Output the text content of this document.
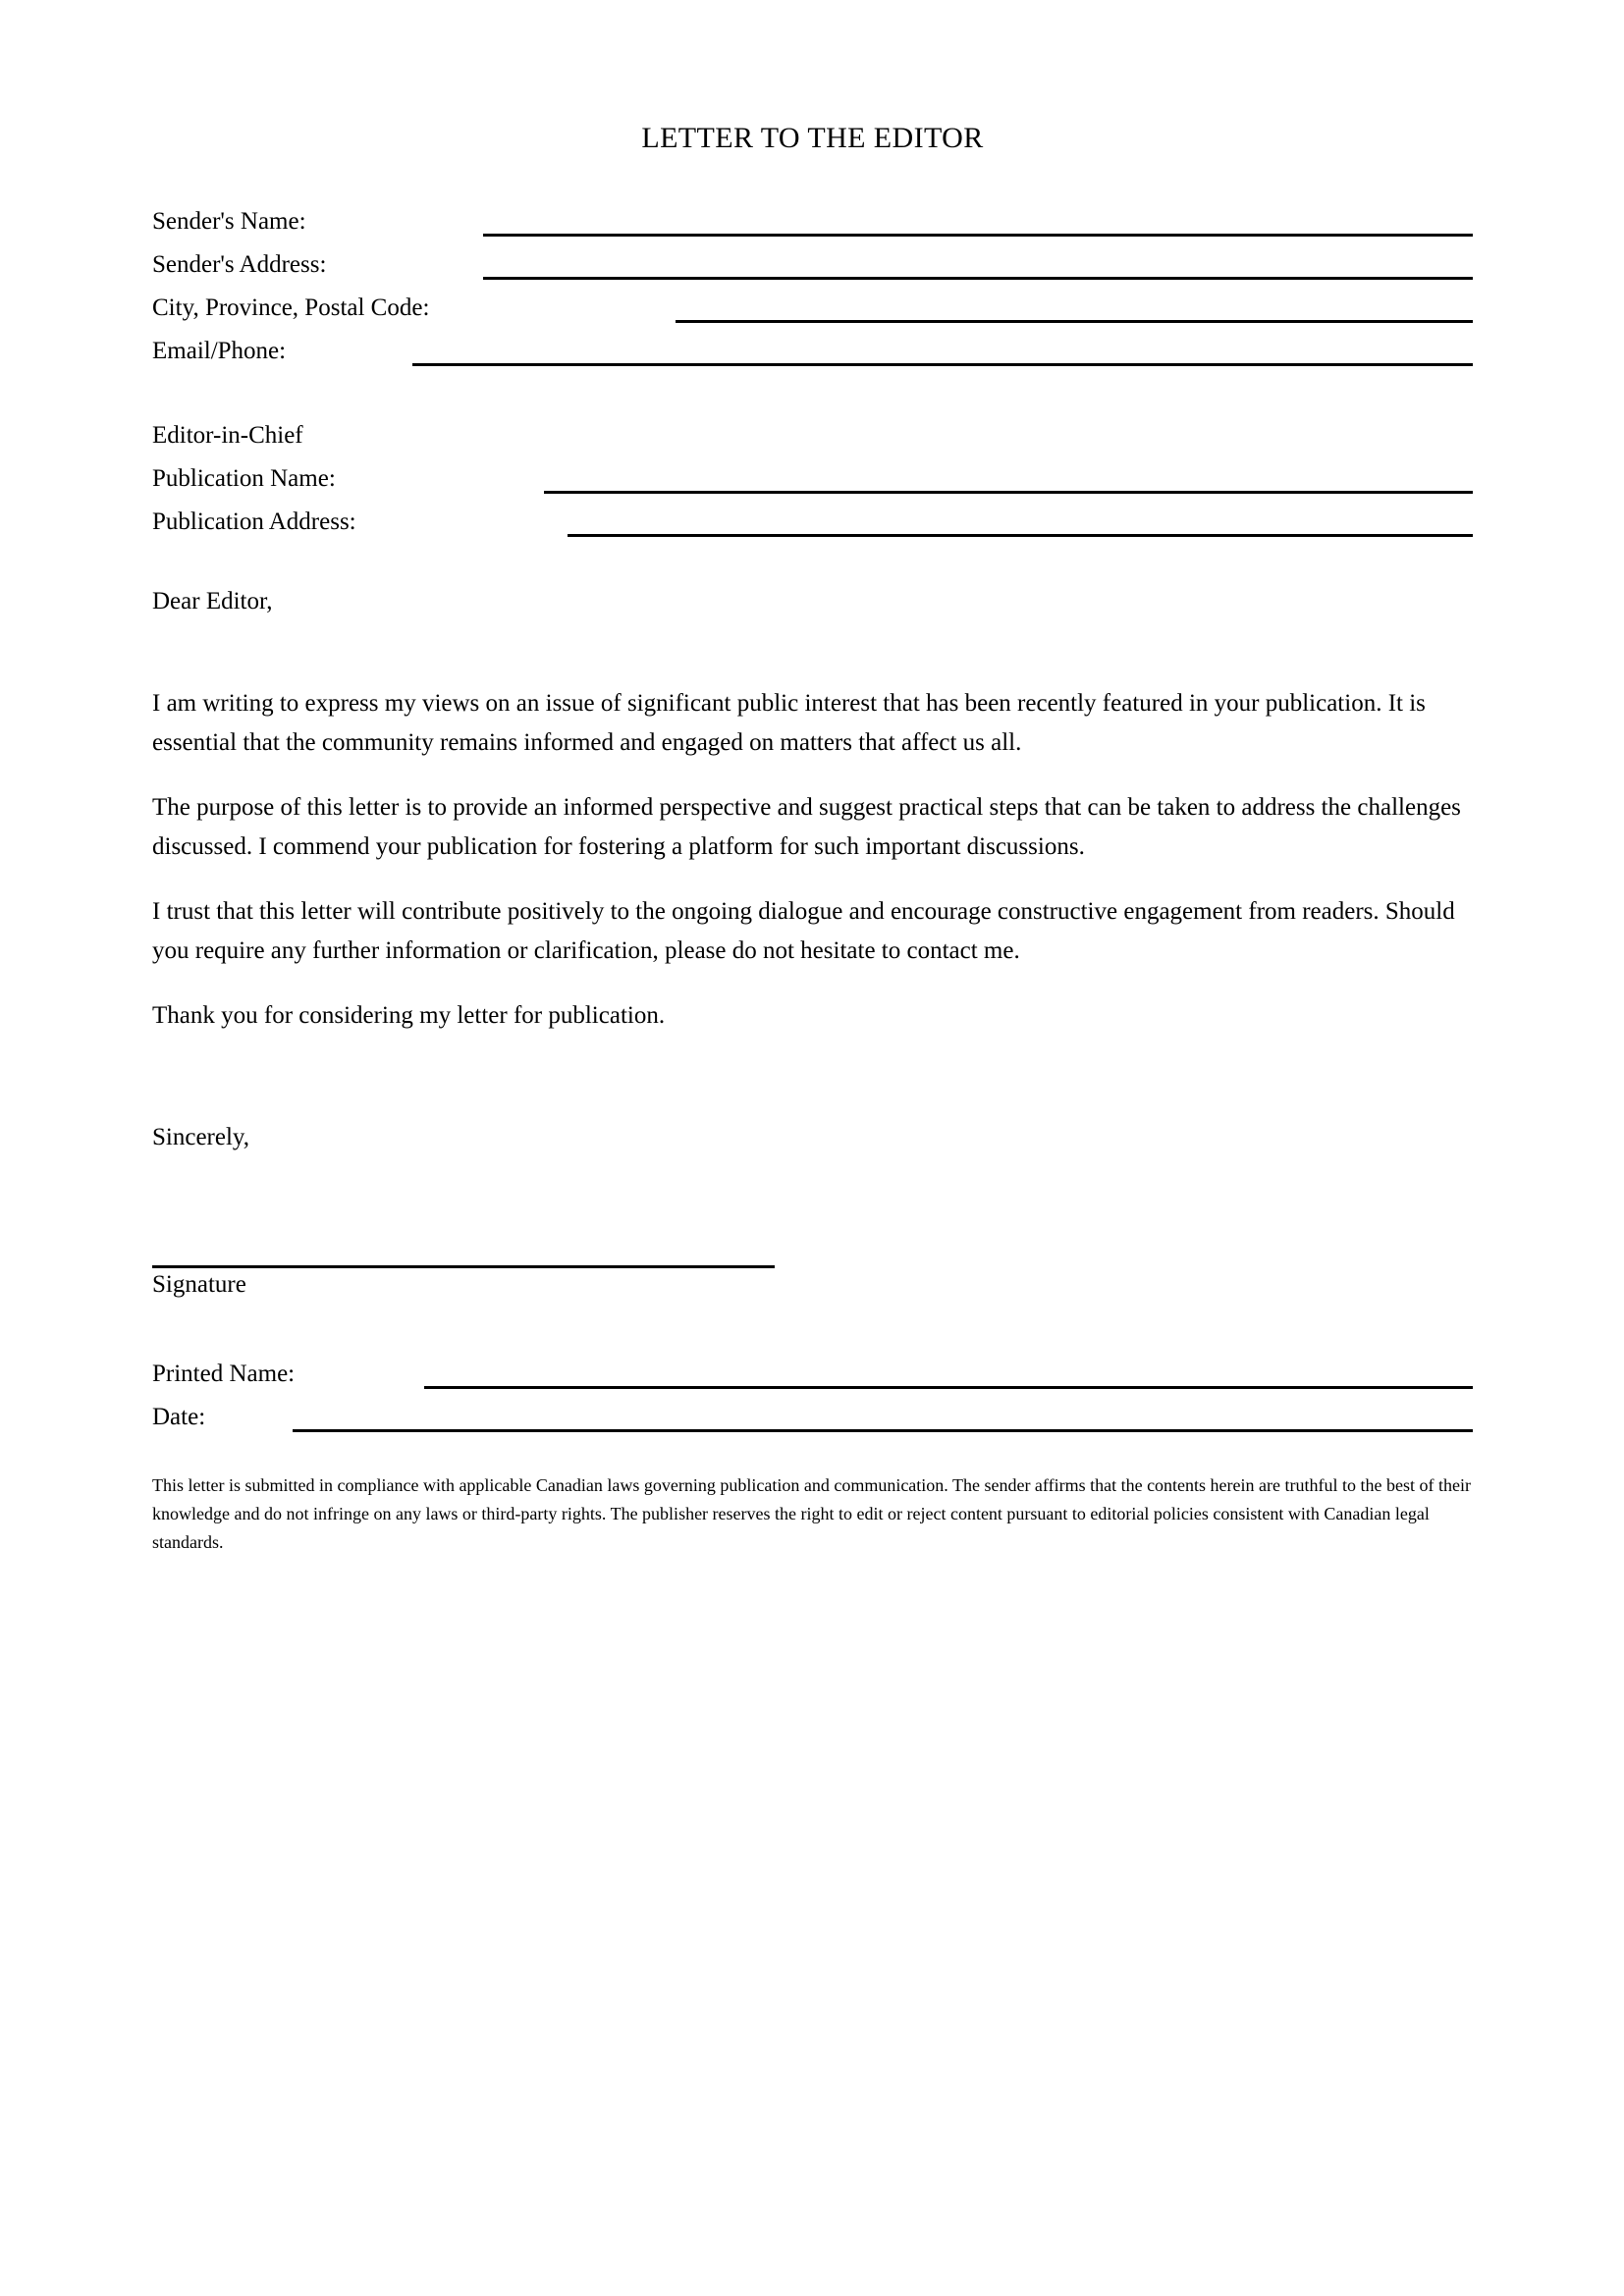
LETTER TO THE EDITOR
Sender's Name:
Sender's Address:
City, Province, Postal Code:
Email/Phone:
Editor-in-Chief
Publication Name:
Publication Address:

Dear Editor,

I am writing to express my views on an issue of significant public interest that has been recently featured in your publication. It is essential that the community remains informed and engaged on matters that affect us all.

The purpose of this letter is to provide an informed perspective and suggest practical steps that can be taken to address the challenges discussed. I commend your publication for fostering a platform for such important discussions.

I trust that this letter will contribute positively to the ongoing dialogue and encourage constructive engagement from readers. Should you require any further information or clarification, please do not hesitate to contact me.

Thank you for considering my letter for publication.

Sincerely,

Signature
Printed Name:
Date:

This letter is submitted in compliance with applicable Canadian laws governing publication and communication. The sender affirms that the contents herein are truthful to the best of their knowledge and do not infringe on any laws or third-party rights. The publisher reserves the right to edit or reject content pursuant to editorial policies consistent with Canadian legal standards.
